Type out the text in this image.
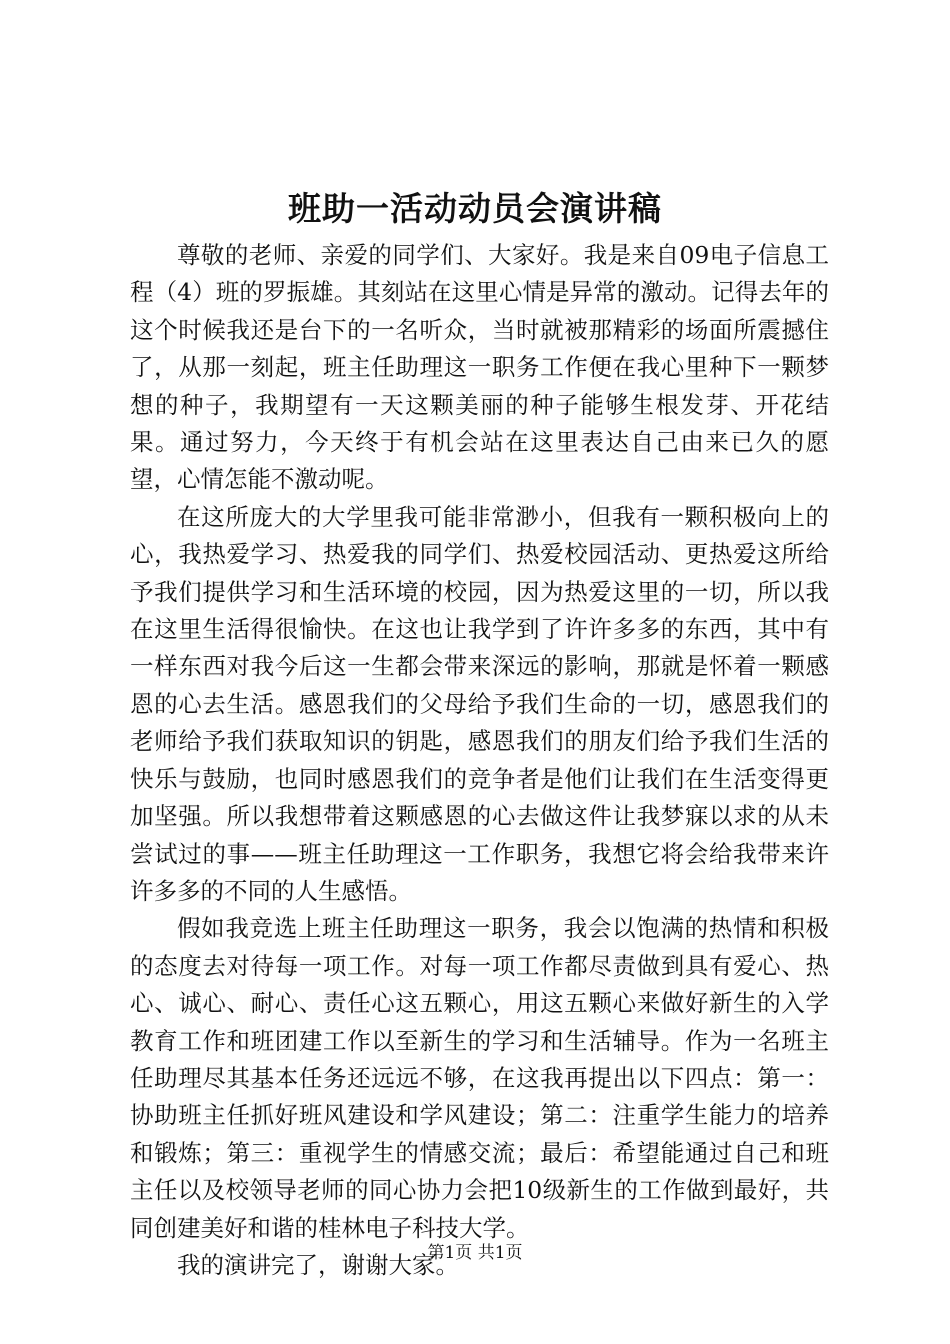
班助一活动动员会演讲稿

尊敬的老师、亲爱的同学们、大家好。我是来自09电子信息工程（4）班的罗振雄。其刻站在这里心情是异常的激动。记得去年的这个时候我还是台下的一名听众，当时就被那精彩的场面所震撼住了，从那一刻起，班主任助理这一职务工作便在我心里种下一颗梦想的种子，我期望有一天这颗美丽的种子能够生根发芽、开花结果。通过努力，今天终于有机会站在这里表达自己由来已久的愿望，心情怎能不激动呢。

在这所庞大的大学里我可能非常渺小，但我有一颗积极向上的心，我热爱学习、热爱我的同学们、热爱校园活动、更热爱这所给予我们提供学习和生活环境的校园，因为热爱这里的一切，所以我在这里生活得很愉快。在这也让我学到了许许多多的东西，其中有一样东西对我今后这一生都会带来深远的影响，那就是怀着一颗感恩的心去生活。感恩我们的父母给予我们生命的一切，感恩我们的老师给予我们获取知识的钥匙，感恩我们的朋友们给予我们生活的快乐与鼓励，也同时感恩我们的竞争者是他们让我们在生活变得更加坚强。所以我想带着这颗感恩的心去做这件让我梦寐以求的从未尝试过的事——班主任助理这一工作职务，我想它将会给我带来许许多多的不同的人生感悟。

假如我竞选上班主任助理这一职务，我会以饱满的热情和积极的态度去对待每一项工作。对每一项工作都尽责做到具有爱心、热心、诚心、耐心、责任心这五颗心，用这五颗心来做好新生的入学教育工作和班团建工作以至新生的学习和生活辅导。作为一名班主任助理尽其基本任务还远远不够，在这我再提出以下四点：第一：协助班主任抓好班风建设和学风建设；第二：注重学生能力的培养和锻炼；第三：重视学生的情感交流；最后：希望能通过自己和班主任以及校领导老师的同心协力会把10级新生的工作做到最好，共同创建美好和谐的桂林电子科技大学。

我的演讲完了，谢谢大家。

第1页 共1页
